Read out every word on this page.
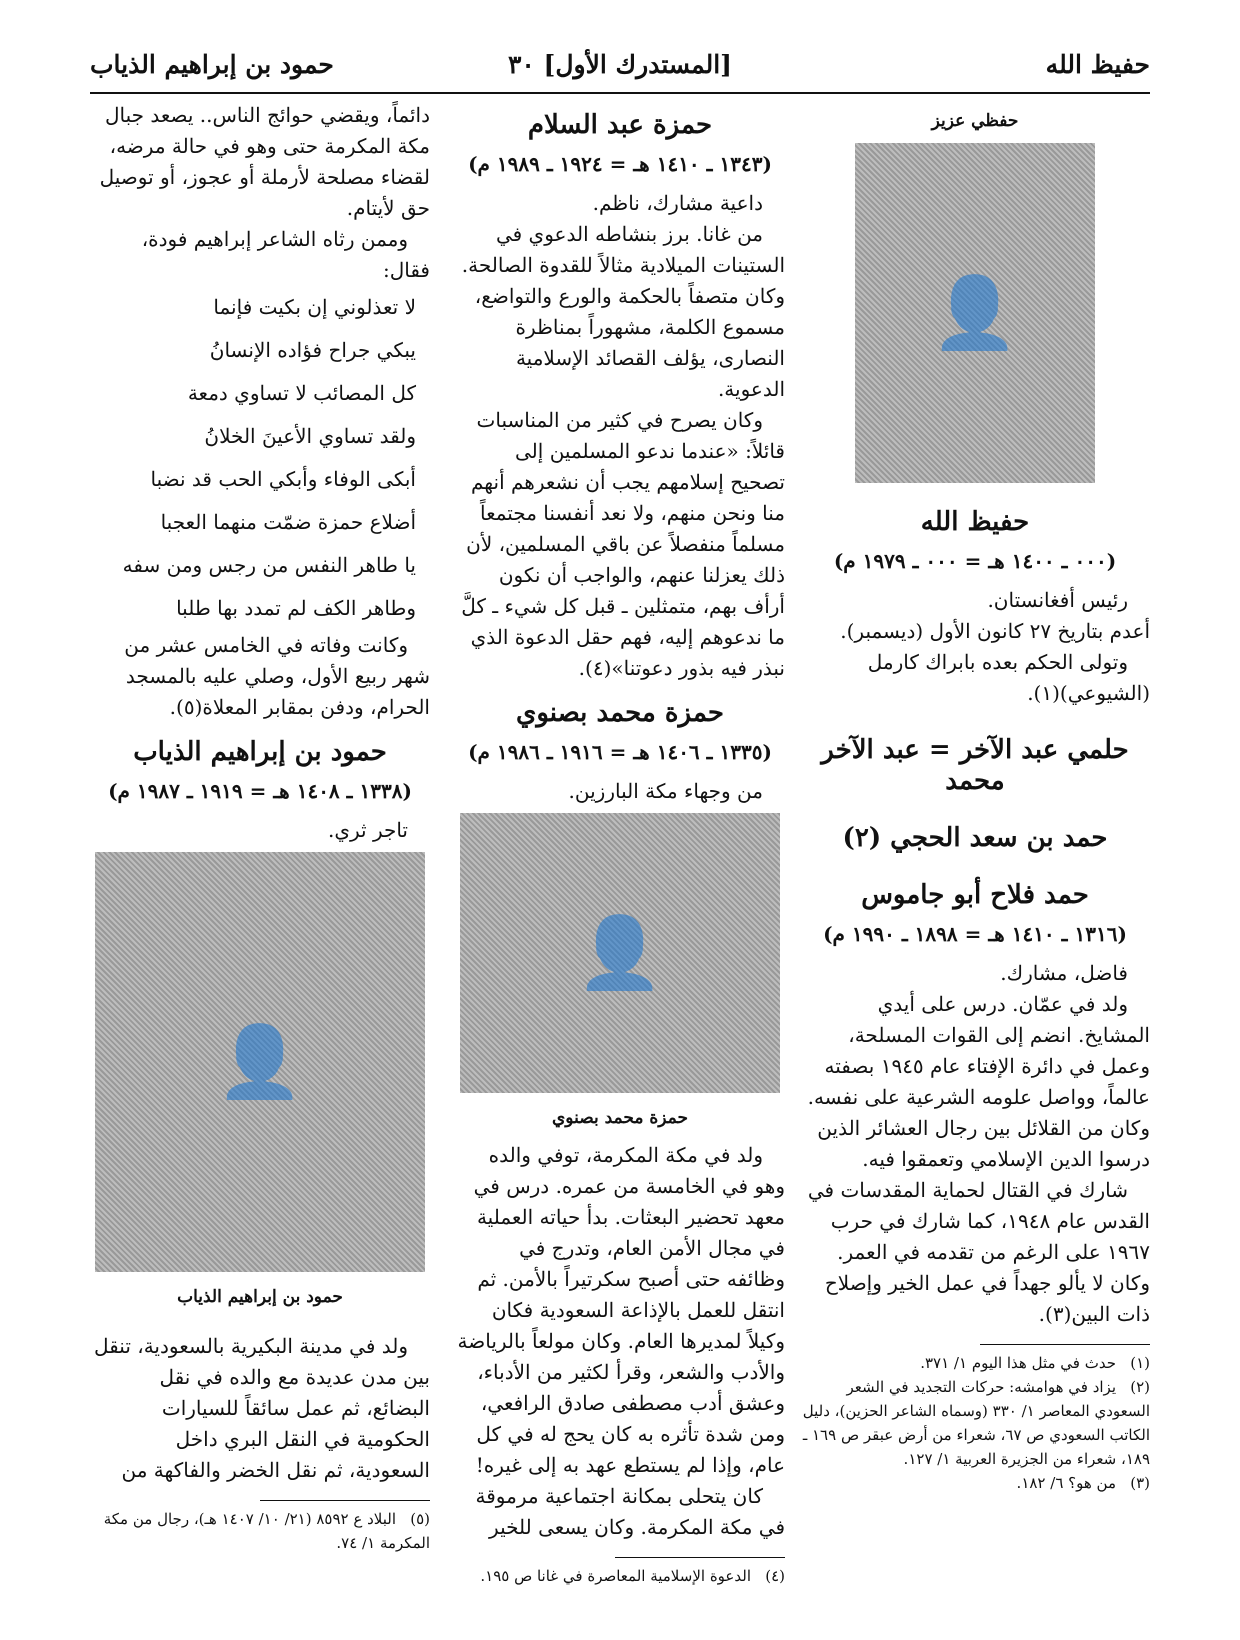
حفيظ الله
[المستدرك الأول] ٣٠
حمود بن إبراهيم الذياب
حفظي عزيز
👤
حفيظ الله
(٠٠٠ ـ ١٤٠٠ هـ = ٠٠٠ ـ ١٩٧٩ م)

رئيس أفغانستان.

أعدم بتاريخ ٢٧ كانون الأول (ديسمبر).

وتولى الحكم بعده بابراك كارمل (الشيوعي)(١).

حلمي عبد الآخر = عبد الآخر محمد
حمد بن سعد الحجي (٢)
حمد فلاح أبو جاموس
(١٣١٦ ـ ١٤١٠ هـ = ١٨٩٨ ـ ١٩٩٠ م)

فاضل، مشارك.

ولد في عمّان. درس على أيدي المشايخ. انضم إلى القوات المسلحة، وعمل في دائرة الإفتاء عام ١٩٤٥ بصفته عالماً، وواصل علومه الشرعية على نفسه. وكان من القلائل بين رجال العشائر الذين درسوا الدين الإسلامي وتعمقوا فيه.

شارك في القتال لحماية المقدسات في القدس عام ١٩٤٨، كما شارك في حرب ١٩٦٧ على الرغم من تقدمه في العمر. وكان لا يألو جهداً في عمل الخير وإصلاح ذات البين(٣).

(١)حدث في مثل هذا اليوم ١/ ٣٧١.

(٢)يزاد في هوامشه: حركات التجديد في الشعر السعودي المعاصر ١/ ٣٣٠ (وسماه الشاعر الحزين)، دليل الكاتب السعودي ص ٦٧، شعراء من أرض عبقر ص ١٦٩ ـ ١٨٩، شعراء من الجزيرة العربية ١/ ١٢٧.

(٣)من هو؟ ٦/ ١٨٢.

حمزة عبد السلام
(١٣٤٣ ـ ١٤١٠ هـ = ١٩٢٤ ـ ١٩٨٩ م)

داعية مشارك، ناظم.

من غانا. برز بنشاطه الدعوي في الستينات الميلادية مثالاً للقدوة الصالحة. وكان متصفاً بالحكمة والورع والتواضع، مسموع الكلمة، مشهوراً بمناظرة النصارى، يؤلف القصائد الإسلامية الدعوية.

وكان يصرح في كثير من المناسبات قائلاً: «عندما ندعو المسلمين إلى تصحيح إسلامهم يجب أن نشعرهم أنهم منا ونحن منهم، ولا نعد أنفسنا مجتمعاً مسلماً منفصلاً عن باقي المسلمين، لأن ذلك يعزلنا عنهم، والواجب أن نكون أرأف بهم، متمثلين ـ قبل كل شيء ـ كلَّ ما ندعوهم إليه، فهم حقل الدعوة الذي نبذر فيه بذور دعوتنا»(٤).

حمزة محمد بصنوي
(١٣٣٥ ـ ١٤٠٦ هـ = ١٩١٦ ـ ١٩٨٦ م)

من وجهاء مكة البارزين.

👤
حمزة محمد بصنوي

ولد في مكة المكرمة، توفي والده وهو في الخامسة من عمره. درس في معهد تحضير البعثات. بدأ حياته العملية في مجال الأمن العام، وتدرج في وظائفه حتى أصبح سكرتيراً بالأمن. ثم انتقل للعمل بالإذاعة السعودية فكان وكيلاً لمديرها العام. وكان مولعاً بالرياضة والأدب والشعر، وقرأ لكثير من الأدباء، وعشق أدب مصطفى صادق الرافعي، ومن شدة تأثره به كان يحج له في كل عام، وإذا لم يستطع عهد به إلى غيره!

كان يتحلى بمكانة اجتماعية مرموقة في مكة المكرمة. وكان يسعى للخير

(٤)الدعوة الإسلامية المعاصرة في غانا ص ١٩٥.

دائماً، ويقضي حوائج الناس.. يصعد جبال مكة المكرمة حتى وهو في حالة مرضه، لقضاء مصلحة لأرملة أو عجوز، أو توصيل حق لأيتام.

وممن رثاه الشاعر إبراهيم فودة، فقال:

لا تعذلوني إن بكيت فإنما

يبكي جراح فؤاده الإنسانُ

كل المصائب لا تساوي دمعة

ولقد تساوي الأعينَ الخلانُ

أبكى الوفاء وأبكي الحب قد نضبا

أضلاع حمزة ضمّت منهما العجبا

يا طاهر النفس من رجس ومن سفه

وطاهر الكف لم تمدد بها طلبا

وكانت وفاته في الخامس عشر من شهر ربيع الأول، وصلي عليه بالمسجد الحرام، ودفن بمقابر المعلاة(٥).

حمود بن إبراهيم الذياب
(١٣٣٨ ـ ١٤٠٨ هـ = ١٩١٩ ـ ١٩٨٧ م)

تاجر ثري.

👤
حمود بن إبراهيم الذياب

ولد في مدينة البكيرية بالسعودية، تنقل بين مدن عديدة مع والده في نقل البضائع، ثم عمل سائقاً للسيارات الحكومية في النقل البري داخل السعودية، ثم نقل الخضر والفاكهة من

(٥)البلاد ع ٨٥٩٢ (٢١/ ١٠/ ١٤٠٧ هـ)، رجال من مكة المكرمة ١/ ٧٤.
